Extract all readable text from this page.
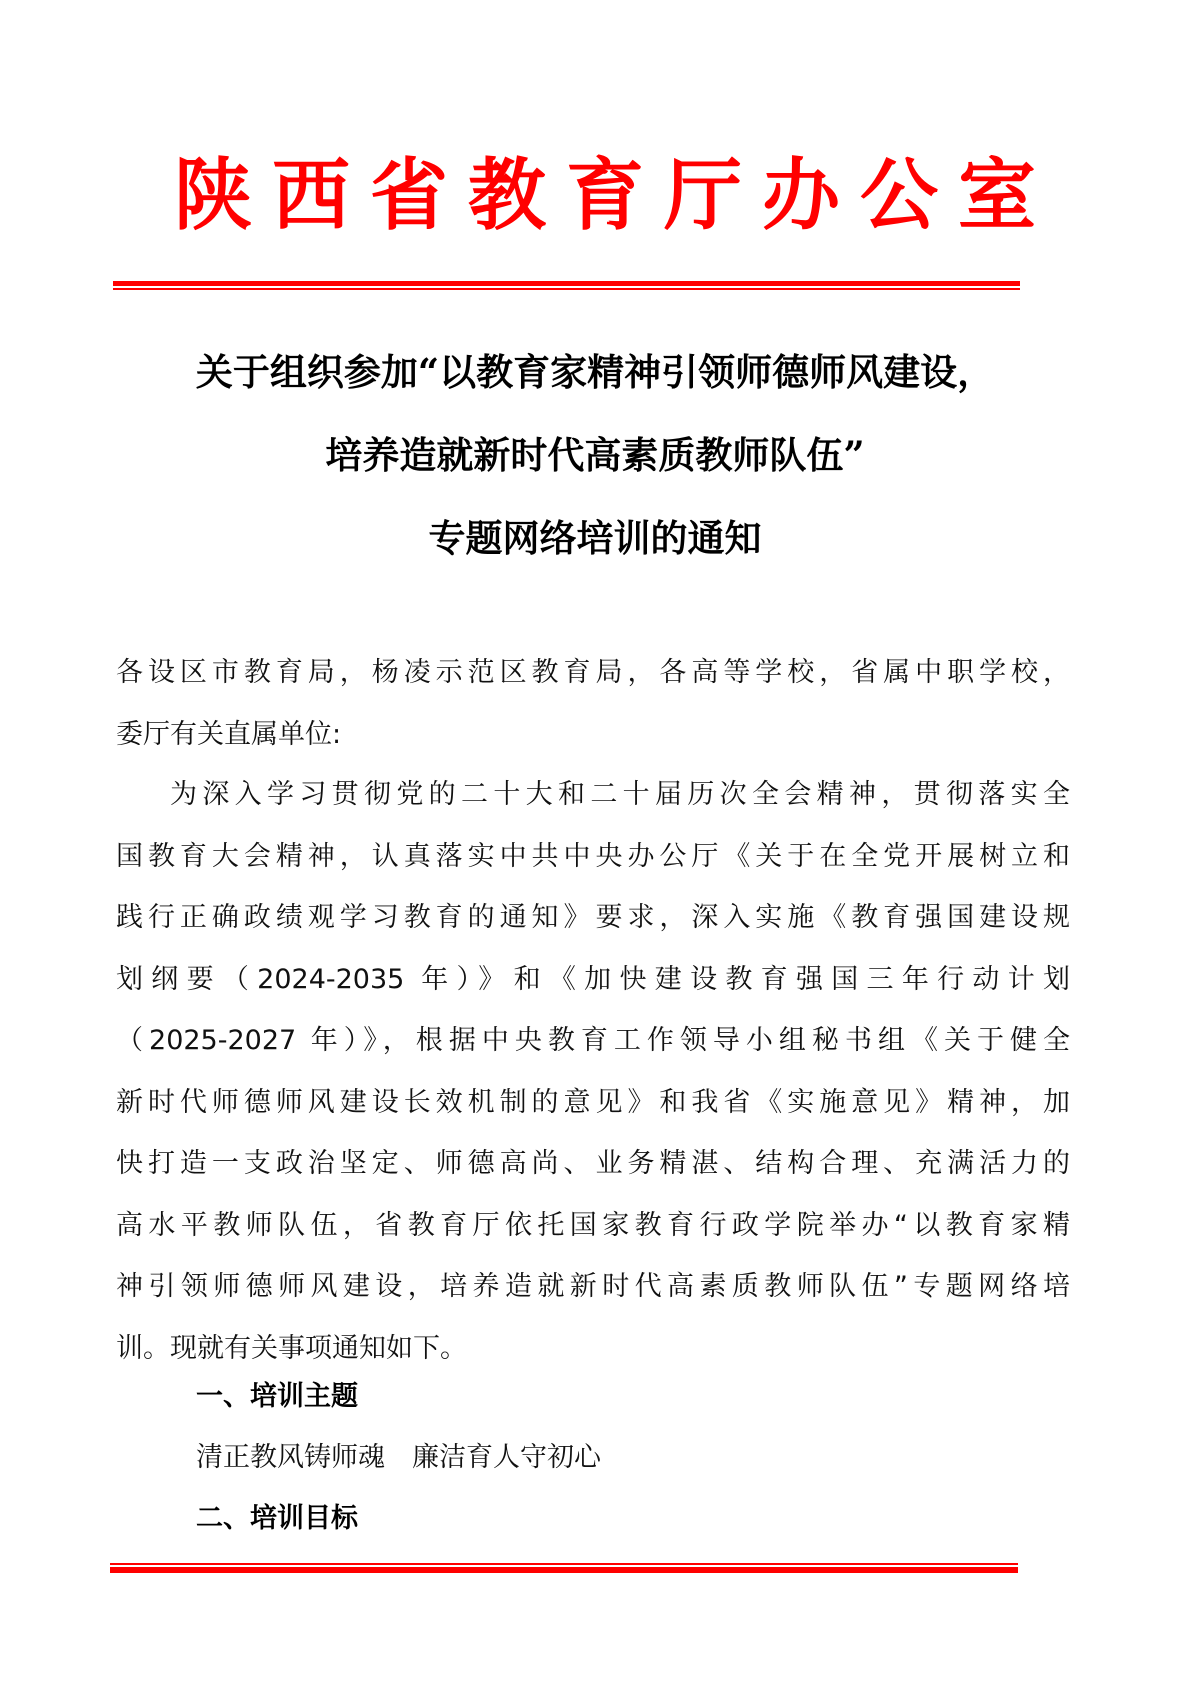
陕西省教育厅办公室
关于组织参加“以教育家精神引领师德师风建设，
培养造就新时代高素质教师队伍”
专题网络培训的通知
各设区市教育局，杨凌示范区教育局，各高等学校，省属中职学校，
委厅有关直属单位:
为深入学习贯彻党的二十大和二十届历次全会精神，贯彻落实全
国教育大会精神，认真落实中共中央办公厅《关于在全党开展树立和
践行正确政绩观学习教育的通知》要求，深入实施《教育强国建设规
划纲要（2024-2035 年）》和《加快建设教育强国三年行动计划
（2025-2027 年）》，根据中央教育工作领导小组秘书组《关于健全
新时代师德师风建设长效机制的意见》和我省《实施意见》精神，加
快打造一支政治坚定、师德高尚、业务精湛、结构合理、充满活力的
高水平教师队伍，省教育厅依托国家教育行政学院举办“以教育家精
神引领师德师风建设，培养造就新时代高素质教师队伍”专题网络培
训。现就有关事项通知如下。
一、培训主题
清正教风铸师魂　廉洁育人守初心
二、培训目标
